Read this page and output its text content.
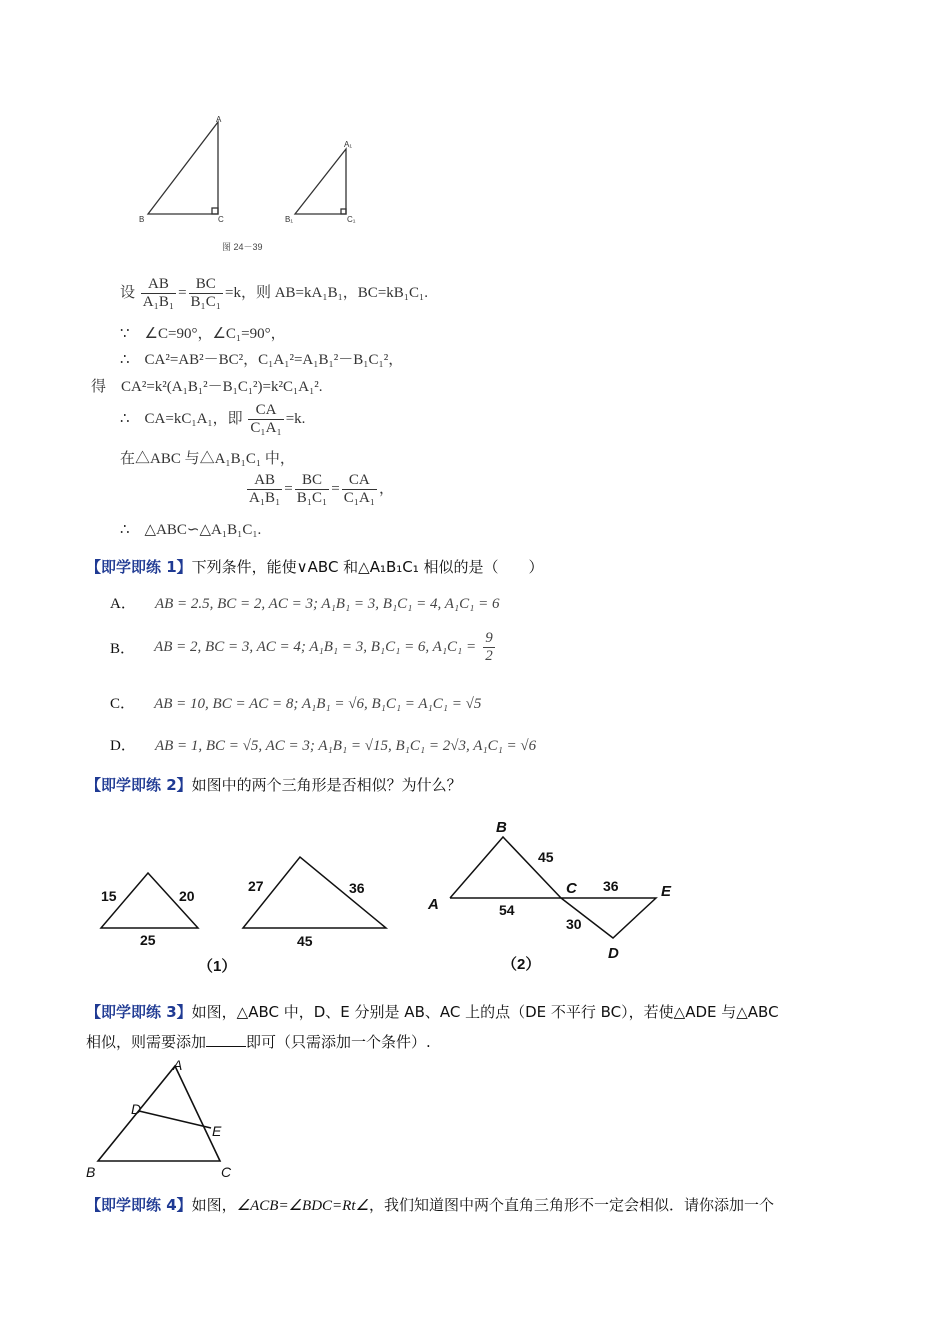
A
B	C
A₁
B₁	C₁
图 24－39
设 $\frac{AB}{\text{A₁B₁}} = \frac{BC}{\text{B₁C₁}} =k$，则 AB=kA₁B₁，BC=kB₁C₁.
∵　∠C=90°，∠C₁=90°，
∴　CA²=AB²－BC²，C₁A₁²=A₁B₁²－B₁C₁²，
得　CA²=k²(A₁B₁²－B₁C₁²)=k²C₁A₁².
∴　CA=kC₁A₁，即 $\frac{CA}{\text{C₁A₁}} =k$.
在△ABC 与△A₁B₁C₁ 中，
$\frac{AB}{\text{A₁B₁}} = \frac{BC}{\text{B₁C₁}} = \frac{CA}{\text{C₁A₁}}$ ，
∴　△ABC∽△A₁B₁C₁.
【即学即练 1】下列条件，能使∨ABC 和△A₁B₁C₁ 相似的是（　　）
A． AB = 2.5, BC = 2, AC = 3; A₁B₁ = 3, B₁C₁ = 4, A₁C₁ = 6
B． AB = 2, BC = 3, AC = 4; A₁B₁ = 3, B₁C₁ = 6, $A_1C_1 = \frac{9}{2}$
C． AB = 10, BC = AC = 8; A₁B₁ = √6, B₁C₁ = A₁C₁ = √5
D． AB = 1, BC = √5, AC = 3; A₁B₁ = √15, B₁C₁ = 2√3, A₁C₁ = √6
【即学即练 2】如图中的两个三角形是否相似？为什么？
15	20
25
27	36
45
（1）
B
A
C	E
D
45
54
36
30
（2）
【即学即练 3】如图，△ABC 中，D、E 分别是 AB、AC 上的点（DE 不平行 BC），若使△ADE 与△ABC
相似，则需要添加	即可（只需添加一个条件）.
A
D
E
B	C
【即学即练 4】如图，∠ACB=∠BDC=Rt∠，我们知道图中两个直角三角形不一定会相似．请你添加一个
